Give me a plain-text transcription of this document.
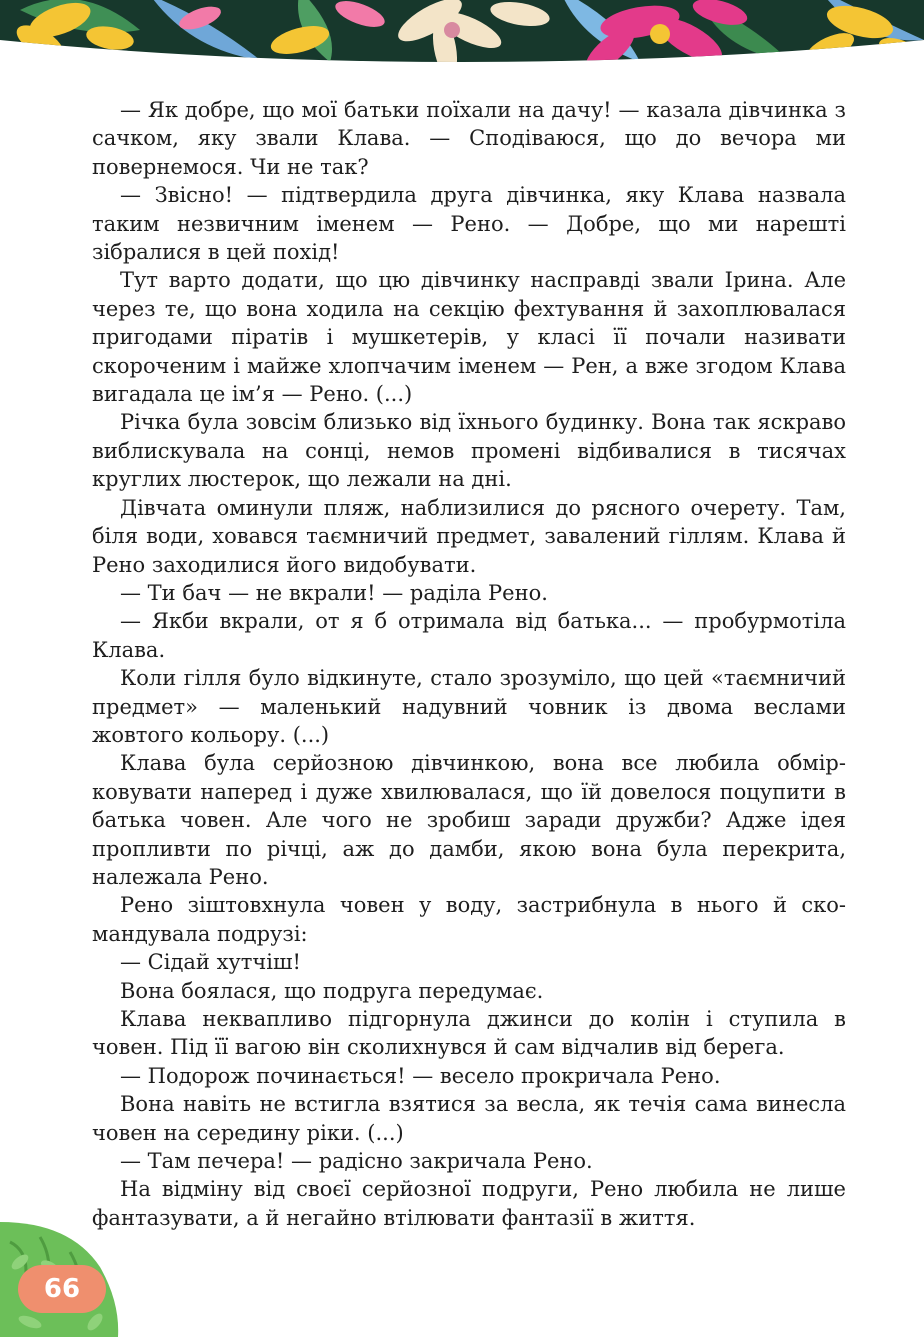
— Як добре, що мої батьки поїхали на дачу! — казала дівчинка з сачком, яку звали Клава. — Сподіваюся, що до вечора ми повернемося. Чи не так?

— Звісно! — підтвердила друга дівчинка, яку Клава назвала таким незвичним іменем — Рено. — Добре, що ми нарешті зібралися в цей похід!

Тут варто додати, що цю дівчинку насправді звали Ірина. Але через те, що вона ходила на секцію фехтування й захоплювалася пригодами піратів і мушкетерів, у класі її почали називати скороченим і майже хлопчачим іменем — Рен, а вже згодом Клава вигадала це ім’я — Рено. (...)

Річка була зовсім близько від їхнього будинку. Вона так яскраво виблискувала на сонці, немов промені відбивалися в тисячах круглих люстерок, що лежали на дні.

Дівчата оминули пляж, наблизилися до рясного очерету. Там, біля води, ховався таємничий предмет, завалений гіллям. Клава й Рено заходилися його видобувати.

— Ти бач — не вкрали! — раділа Рено.

— Якби вкрали, от я б отримала від батька... — пробурмотіла Клава.

Коли гілля було відкинуте, стало зрозуміло, що цей «таємничий предмет» — маленький надувний човник із двома веслами жовтого кольору. (...)

Клава була серйозною дівчинкою, вона все любила обмірковувати наперед і дуже хвилювалася, що їй довелося поцупити в батька човен. Але чого не зробиш заради дружби? Адже ідея пропливти по річці, аж до дамби, якою вона була перекрита, належала Рено.

Рено зіштовхнула човен у воду, застрибнула в нього й скомандувала подрузі:

— Сідай хутчіш!

Вона боялася, що подруга передумає.

Клава неквапливо підгорнула джинси до колін і ступила в човен. Під її вагою він сколихнувся й сам відчалив від берега.

— Подорож починається! — весело прокричала Рено.

Вона навіть не встигла взятися за весла, як течія сама винесла човен на середину ріки. (...)

— Там печера! — радісно закричала Рено.

На відміну від своєї серйозної подруги, Рено любила не лише фантазувати, а й негайно втілювати фантазії в життя.

66
